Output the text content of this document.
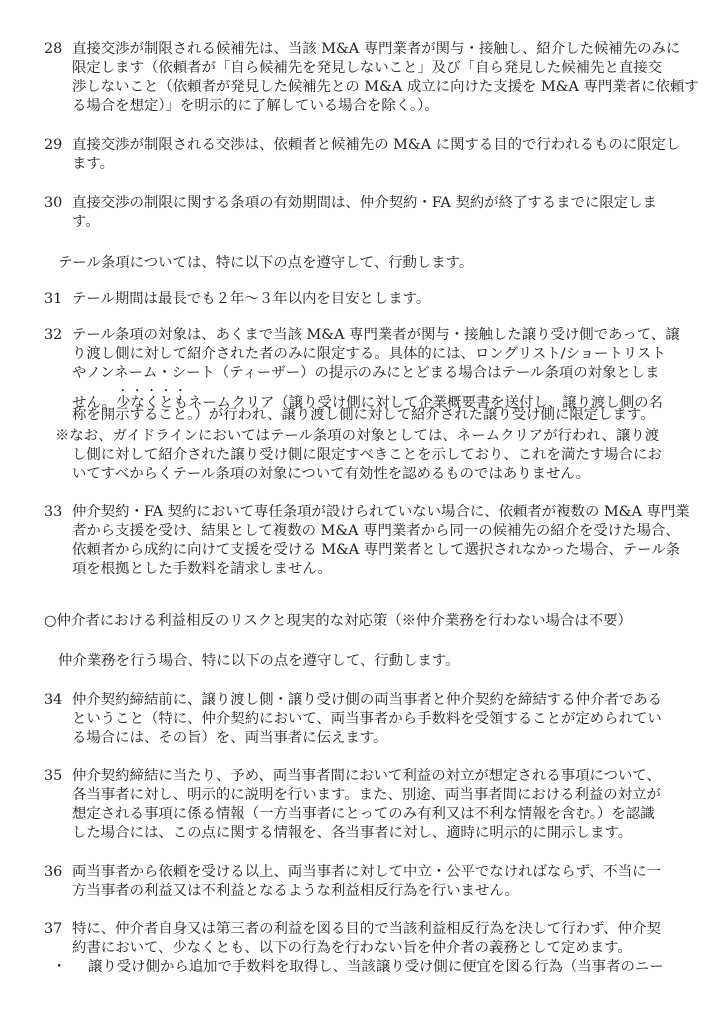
28 直接交渉が制限される候補先は、当該 M&A 専門業者が関与・接触し、紹介した候補先のみに
限定します（依頼者が「自ら候補先を発見しないこと」及び「自ら発見した候補先と直接交
渉しないこと（依頼者が発見した候補先との M&A 成立に向けた支援を M&A 専門業者に依頼す
る場合を想定）」を明示的に了解している場合を除く。）。
29 直接交渉が制限される交渉は、依頼者と候補先の M&A に関する目的で行われるものに限定し
ます。
30 直接交渉の制限に関する条項の有効期間は、仲介契約・FA 契約が終了するまでに限定しま
す。
テール条項については、特に以下の点を遵守して、行動します。
31 テール期間は最長でも２年～３年以内を目安とします。
32 テール条項の対象は、あくまで当該 M&A 専門業者が関与・接触した譲り受け側であって、譲
り渡し側に対して紹介された者のみに限定する。具体的には、ロングリスト/ショートリスト
やノンネーム・シート（ティーザー）の提示のみにとどまる場合はテール条項の対象としま
せん。少なくともネームクリア（譲り受け側に対して企業概要書を送付し、譲り渡し側の名
称を開示すること。）が行われ、譲り渡し側に対して紹介された譲り受け側に限定します。
※なお、ガイドラインにおいてはテール条項の対象としては、ネームクリアが行われ、譲り渡
し側に対して紹介された譲り受け側に限定すべきことを示しており、これを満たす場合にお
いてすべからくテール条項の対象について有効性を認めるものではありません。
33 仲介契約・FA 契約において専任条項が設けられていない場合に、依頼者が複数の M&A 専門業
者から支援を受け、結果として複数の M&A 専門業者から同一の候補先の紹介を受けた場合、
依頼者から成約に向けて支援を受ける M&A 専門業者として選択されなかった場合、テール条
項を根拠とした手数料を請求しません。
○仲介者における利益相反のリスクと現実的な対応策（※仲介業務を行わない場合は不要）
仲介業務を行う場合、特に以下の点を遵守して、行動します。
34 仲介契約締結前に、譲り渡し側・譲り受け側の両当事者と仲介契約を締結する仲介者である
ということ（特に、仲介契約において、両当事者から手数料を受領することが定められてい
る場合には、その旨）を、両当事者に伝えます。
35 仲介契約締結に当たり、予め、両当事者間において利益の対立が想定される事項について、
各当事者に対し、明示的に説明を行います。また、別途、両当事者間における利益の対立が
想定される事項に係る情報（一方当事者にとってのみ有利又は不利な情報を含む。）を認識
した場合には、この点に関する情報を、各当事者に対し、適時に明示的に開示します。
36 両当事者から依頼を受ける以上、両当事者に対して中立・公平でなければならず、不当に一
方当事者の利益又は不利益となるような利益相反行為を行いません。
37 特に、仲介者自身又は第三者の利益を図る目的で当該利益相反行為を決して行わず、仲介契
約書において、少なくとも、以下の行為を行わない旨を仲介者の義務として定めます。
・ 譲り受け側から追加で手数料を取得し、当該譲り受け側に便宜を図る行為（当事者のニー
